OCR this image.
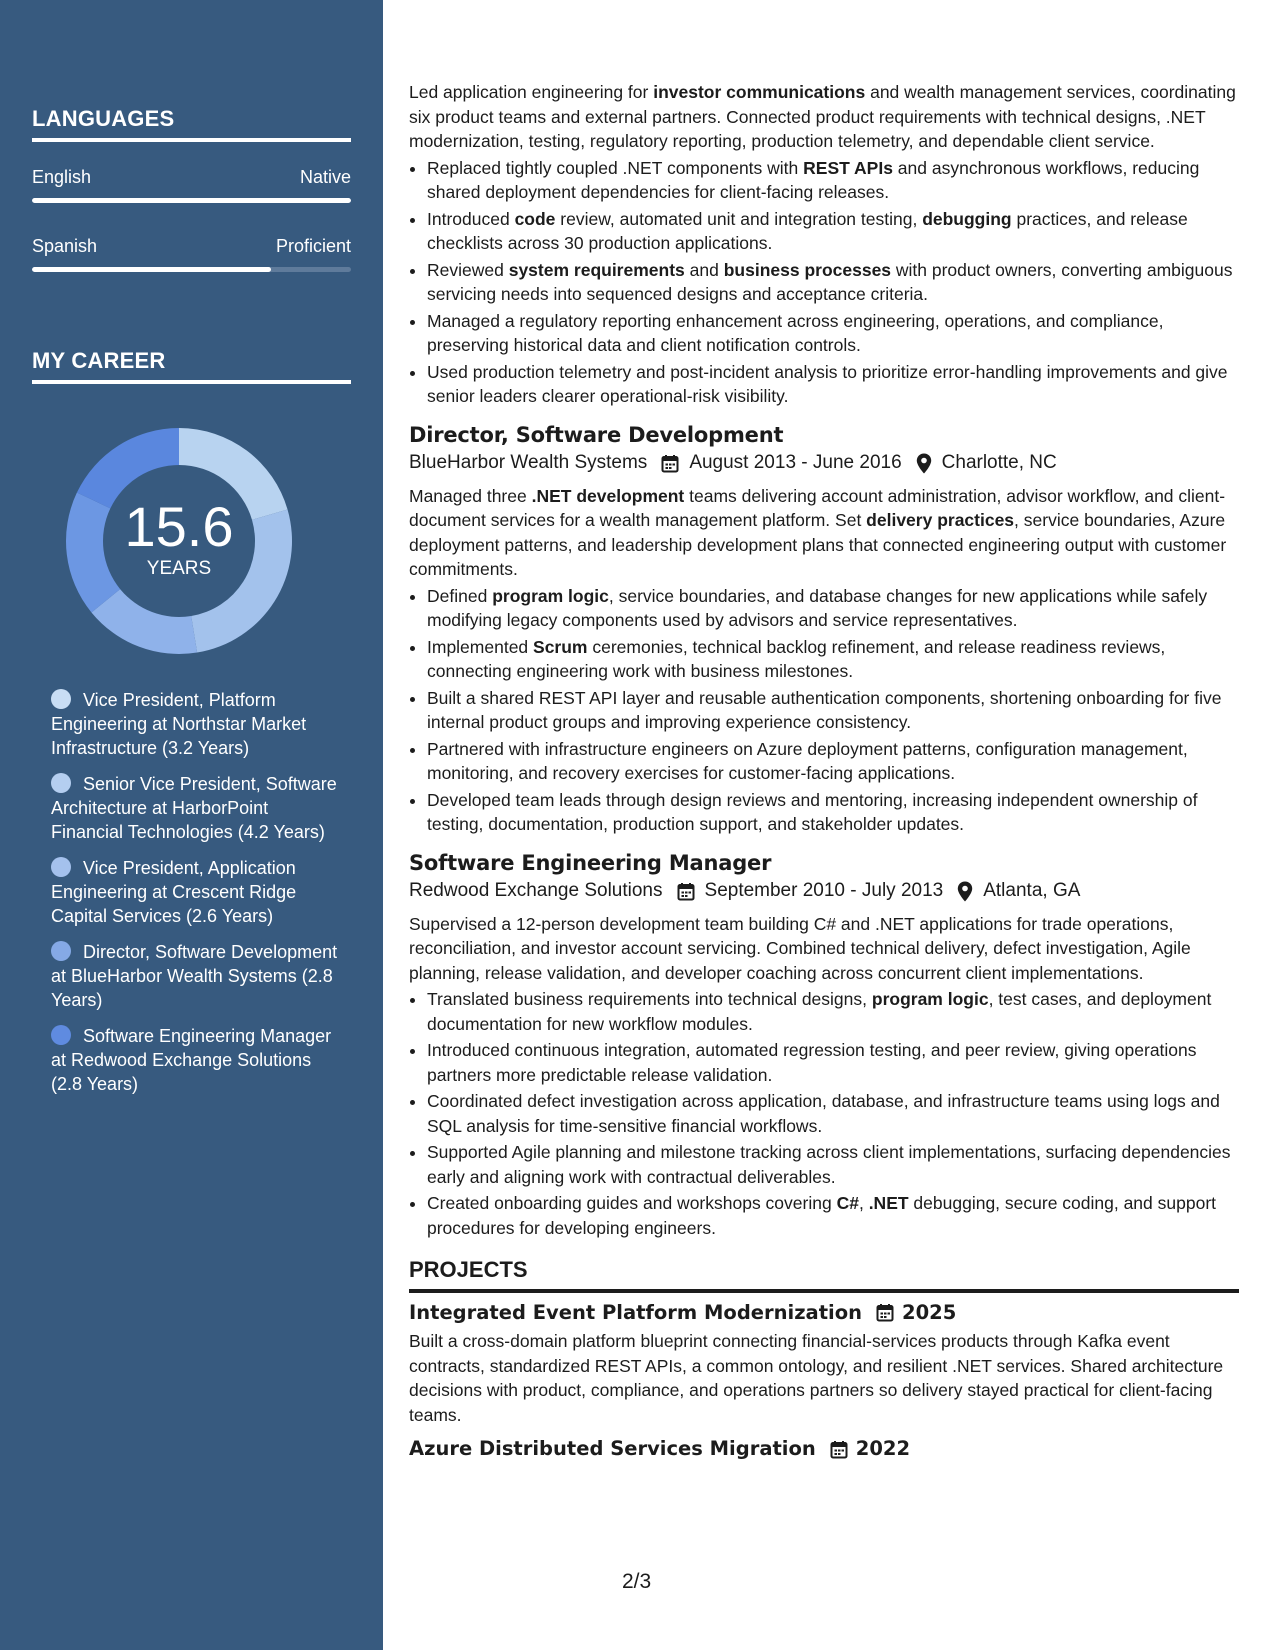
LANGUAGES
English	Native
Spanish	Proficient
MY CAREER
15.6
YEARS
Vice President, Platform Engineering at Northstar Market Infrastructure (3.2 Years)
Senior Vice President, Software Architecture at HarborPoint Financial Technologies (4.2 Years)
Vice President, Application Engineering at Crescent Ridge Capital Services (2.6 Years)
Director, Software Development at BlueHarbor Wealth Systems (2.8 Years)
Software Engineering Manager at Redwood Exchange Solutions (2.8 Years)

Led application engineering for investor communications and wealth management services, coordinating six product teams and external partners. Connected product requirements with technical designs, .NET modernization, testing, regulatory reporting, production telemetry, and dependable client service.

• Replaced tightly coupled .NET components with REST APIs and asynchronous workflows, reducing shared deployment dependencies for client-facing releases.
• Introduced code review, automated unit and integration testing, debugging practices, and release checklists across 30 production applications.
• Reviewed system requirements and business processes with product owners, converting ambiguous servicing needs into sequenced designs and acceptance criteria.
• Managed a regulatory reporting enhancement across engineering, operations, and compliance, preserving historical data and client notification controls.
• Used production telemetry and post-incident analysis to prioritize error-handling improvements and give senior leaders clearer operational-risk visibility.
Director, Software Development
BlueHarbor Wealth Systems August 2013 - June 2016 Charlotte, NC

Managed three .NET development teams delivering account administration, advisor workflow, and client-document services for a wealth management platform. Set delivery practices, service boundaries, Azure deployment patterns, and leadership development plans that connected engineering output with customer commitments.

• Defined program logic, service boundaries, and database changes for new applications while safely modifying legacy components used by advisors and service representatives.
• Implemented Scrum ceremonies, technical backlog refinement, and release readiness reviews, connecting engineering work with business milestones.
• Built a shared REST API layer and reusable authentication components, shortening onboarding for five internal product groups and improving experience consistency.
• Partnered with infrastructure engineers on Azure deployment patterns, configuration management, monitoring, and recovery exercises for customer-facing applications.
• Developed team leads through design reviews and mentoring, increasing independent ownership of testing, documentation, production support, and stakeholder updates.
Software Engineering Manager
Redwood Exchange Solutions September 2010 - July 2013 Atlanta, GA

Supervised a 12-person development team building C# and .NET applications for trade operations, reconciliation, and investor account servicing. Combined technical delivery, defect investigation, Agile planning, release validation, and developer coaching across concurrent client implementations.

• Translated business requirements into technical designs, program logic, test cases, and deployment documentation for new workflow modules.
• Introduced continuous integration, automated regression testing, and peer review, giving operations partners more predictable release validation.
• Coordinated defect investigation across application, database, and infrastructure teams using logs and SQL analysis for time-sensitive financial workflows.
• Supported Agile planning and milestone tracking across client implementations, surfacing dependencies early and aligning work with contractual deliverables.
• Created onboarding guides and workshops covering C#, .NET debugging, secure coding, and support procedures for developing engineers.
PROJECTS
Integrated Event Platform Modernization 2025

Built a cross-domain platform blueprint connecting financial-services products through Kafka event contracts, standardized REST APIs, a common ontology, and resilient .NET services. Shared architecture decisions with product, compliance, and operations partners so delivery stayed practical for client-facing teams.

Azure Distributed Services Migration 2022
2/3
